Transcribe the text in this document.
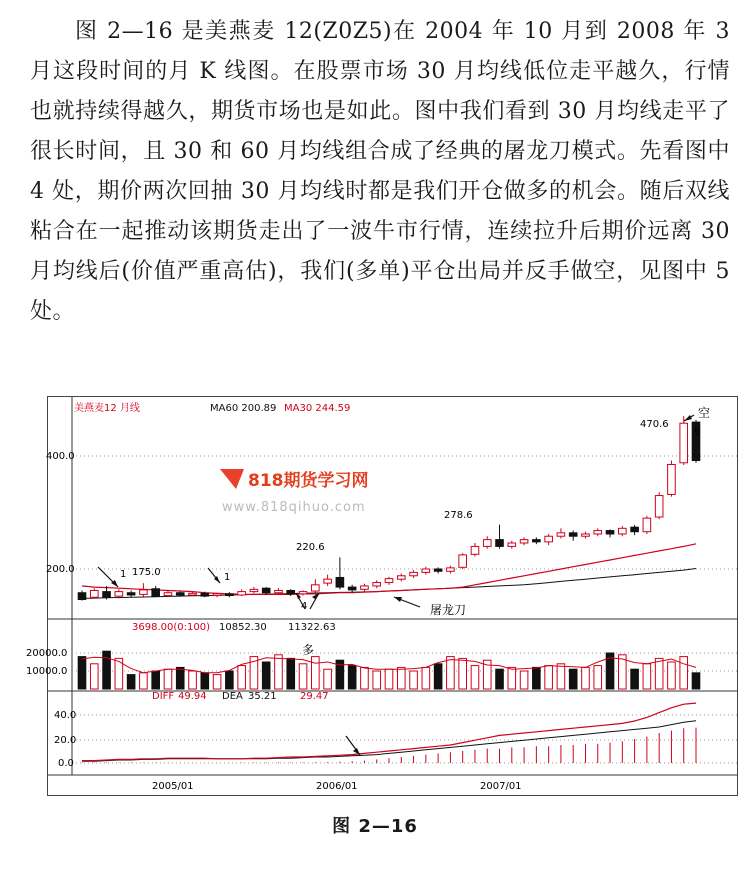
图 2—16 是美燕麦 12(Z0Z5)在 2004 年 10 月到 2008 年 3 月这段时间的月 K 线图。在股票市场 30 月均线低位走平越久，行情也就持续得越久，期货市场也是如此。图中我们看到 30 月均线走平了很长时间，且 30 和 60 月均线组合成了经典的屠龙刀模式。先看图中 4 处，期价两次回抽 30 月均线时都是我们开仓做多的机会。随后双线粘合在一起推动该期货走出了一波牛市行情，连续拉升后期价远离 30 月均线后(价值严重高估)，我们(多单)平仓出局并反手做空，见图中 5 处。

400.0
200.0
20000.0
10000.0
40.0
20.0
0.0
美燕麦12 月线	MA60 200.89 MA30 244.59
818期货学习网
www.818qihuo.com
175.0
220.6
278.6
470.6
1	1
4
5
空
多
屠龙刀
3698.00(0:100) 10852.30 11322.63
DIFF 49.94 DEA 35.21 29.47
2005/01	2006/01	2007/01
图 2—16
